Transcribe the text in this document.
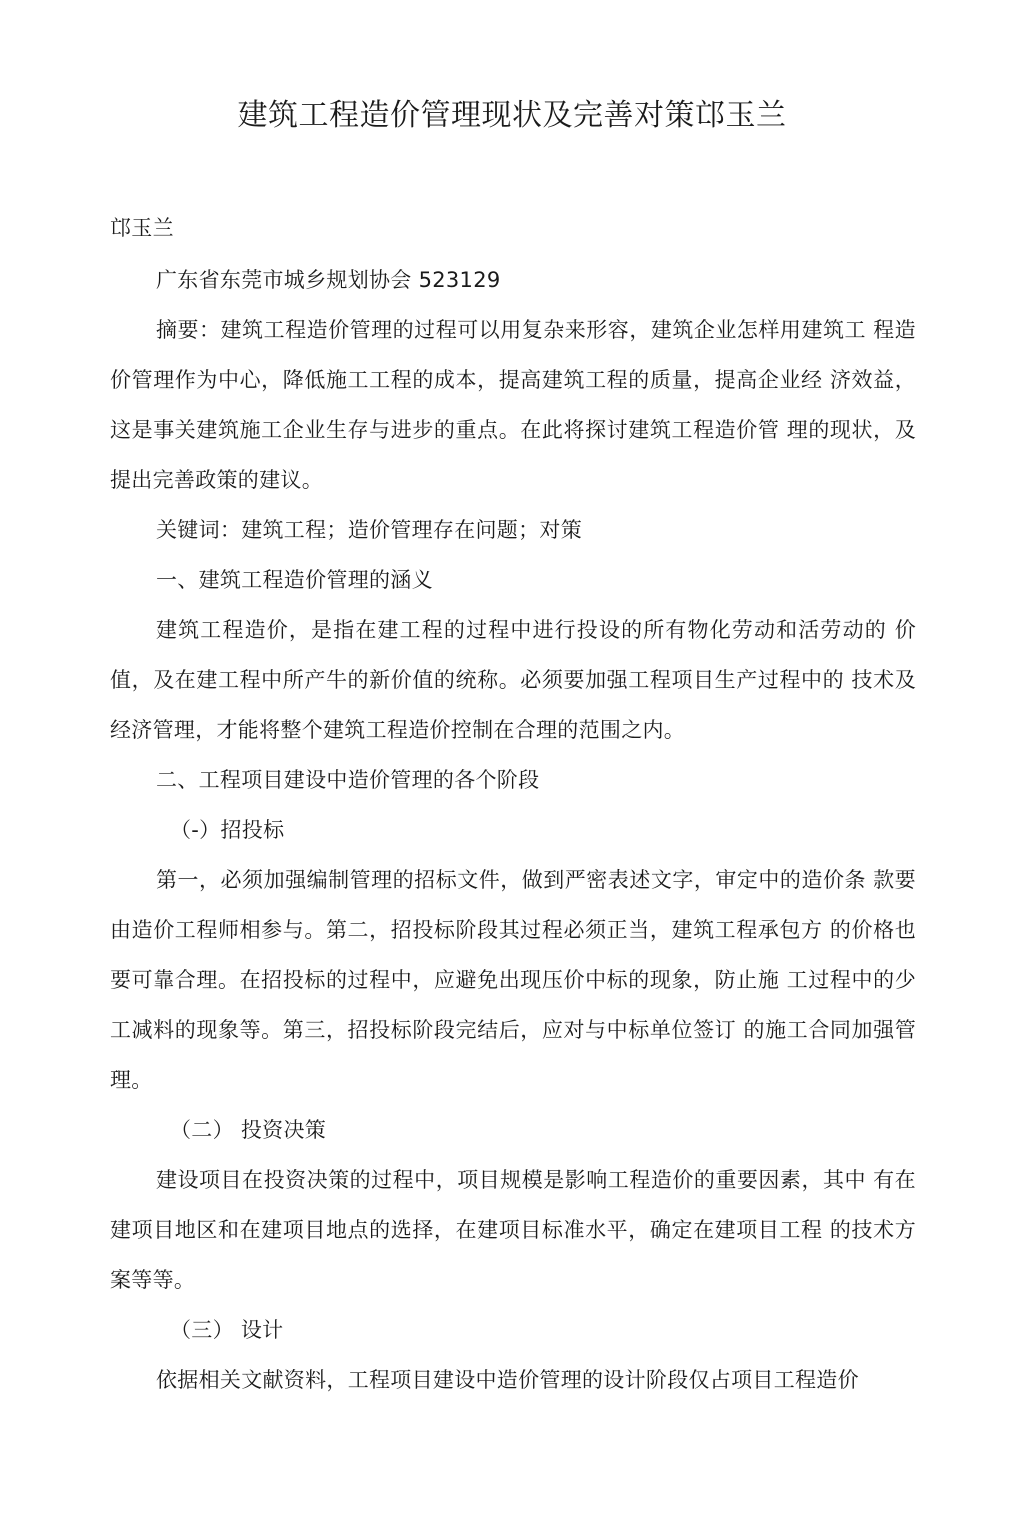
建筑工程造价管理现状及完善对策邙玉兰

邙玉兰

广东省东莞市城乡规划协会 523129

摘要：建筑工程造价管理的过程可以用复杂来形容，建筑企业怎样用建筑工 程造价管理作为中心，降低施工工程的成本，提高建筑工程的质量，提高企业经 济效益，这是事关建筑施工企业生存与进步的重点。在此将探讨建筑工程造价管 理的现状，及提出完善政策的建议。

关键词：建筑工程；造价管理存在问题；对策

一、建筑工程造价管理的涵义

建筑工程造价，是指在建工程的过程中进行投设的所有物化劳动和活劳动的 价值，及在建工程中所产牛的新价值的统称。必须要加强工程项目生产过程中的 技术及经济管理，才能将整个建筑工程造价控制在合理的范围之内。

二、工程项目建设中造价管理的各个阶段

（-）招投标

第一，必须加强编制管理的招标文件，做到严密表述文字，审定中的造价条 款要由造价工程师相参与。第二，招投标阶段其过程必须正当，建筑工程承包方 的价格也要可靠合理。在招投标的过程中，应避免出现压价中标的现象，防止施 工过程中的少工减料的现象等。第三，招投标阶段完结后，应对与中标单位签订 的施工合同加强管理。

（二） 投资决策

建设项目在投资决策的过程中，项目规模是影响工程造价的重要因素，其中 有在建项目地区和在建项目地点的选择，在建项目标准水平，确定在建项目工程 的技术方案等等。

（三） 设计

依据相关文献资料，工程项目建设中造价管理的设计阶段仅占项目工程造价
